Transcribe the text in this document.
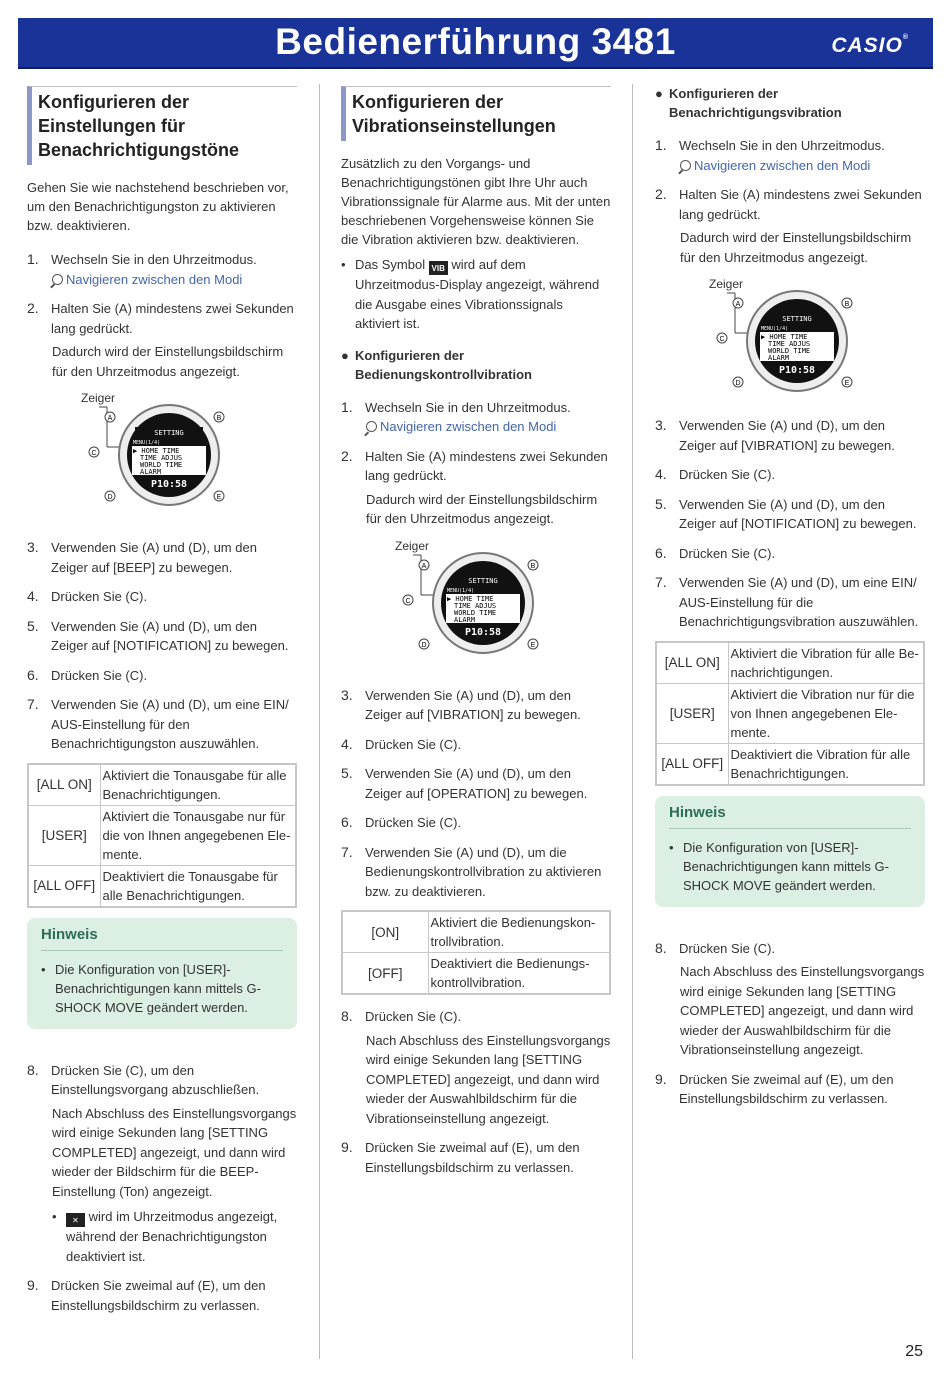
Bedienerführung 3481	CASIO®
Konfigurieren der Einstellungen für Benachrichtigungstöne
Gehen Sie wie nachstehend beschrieben vor, um den Benachrichtigungston zu aktivieren bzw. deaktivieren.
1. Wechseln Sie in den Uhrzeitmodus.
Navigieren zwischen den Modi
2. Halten Sie (A) mindestens zwei Sekunden lang gedrückt.
Dadurch wird der Einstellungsbildschirm für den Uhrzeitmodus angezeigt.
Zeiger
SETTING
MENU(1/4)
▶ HOME TIME
TIME ADJUS
WORLD TIME
ALARM
P10:58
A	B
C
D	E
3. Verwenden Sie (A) und (D), um den Zeiger auf [BEEP] zu bewegen.
4. Drücken Sie (C).
5. Verwenden Sie (A) und (D), um den Zeiger auf [NOTIFICATION] zu bewegen.
6. Drücken Sie (C).
7. Verwenden Sie (A) und (D), um eine EIN/ AUS-Einstellung für den Benachrichtigungston auszuwählen.
[ALL ON]	Aktiviert die Tonausgabe für alle Benachrichtigungen.
[USER]	Aktiviert die Tonausgabe nur für die von Ihnen angegebenen Ele-mente.
[ALL OFF]	Deaktiviert die Tonausgabe für alle Benachrichtigungen.
Hinweis
• Die Konfiguration von [USER]-Benachrichtigungen kann mittels G-SHOCK MOVE geändert werden.
8. Drücken Sie (C), um den Einstellungsvorgang abzuschließen.
Nach Abschluss des Einstellungsvorgangs wird einige Sekunden lang [SETTING COMPLETED] angezeigt, und dann wird wieder der Bildschirm für die BEEP-Einstellung (Ton) angezeigt.
•	✕ wird im Uhrzeitmodus angezeigt, während der Benachrichtigungston deaktiviert ist.
9. Drücken Sie zweimal auf (E), um den Einstellungsbildschirm zu verlassen.
Konfigurieren der Vibrationseinstellungen
Zusätzlich zu den Vorgangs- und Benachrichtigungstönen gibt Ihre Uhr auch Vibrationssignale für Alarme aus. Mit der unten beschriebenen Vorgehensweise können Sie die Vibration aktivieren bzw. deaktivieren.
• Das Symbol VIB wird auf dem Uhrzeitmodus-Display angezeigt, während die Ausgabe eines Vibrationssignals aktiviert ist.
● Konfigurieren der Bedienungskontrollvibration
1. Wechseln Sie in den Uhrzeitmodus.
Navigieren zwischen den Modi
2. Halten Sie (A) mindestens zwei Sekunden lang gedrückt.
Dadurch wird der Einstellungsbildschirm für den Uhrzeitmodus angezeigt.
Zeiger
SETTING
MENU(1/4)
▶ HOME TIME
TIME ADJUS
WORLD TIME
ALARM
P10:58
A	B
C
D	E
3. Verwenden Sie (A) und (D), um den Zeiger auf [VIBRATION] zu bewegen.
4. Drücken Sie (C).
5. Verwenden Sie (A) und (D), um den Zeiger auf [OPERATION] zu bewegen.
6. Drücken Sie (C).
7. Verwenden Sie (A) und (D), um die Bedienungskontrollvibration zu aktivieren bzw. zu deaktivieren.
[ON]	Aktiviert die Bedienungskon-trollvibration.
[OFF]	Deaktiviert die Bedienungs-kontrollvibration.
8. Drücken Sie (C).
Nach Abschluss des Einstellungsvorgangs wird einige Sekunden lang [SETTING COMPLETED] angezeigt, und dann wird wieder der Auswahlbildschirm für die Vibrationseinstellung angezeigt.
9. Drücken Sie zweimal auf (E), um den Einstellungsbildschirm zu verlassen.
● Konfigurieren der Benachrichtigungsvibration
1. Wechseln Sie in den Uhrzeitmodus.
Navigieren zwischen den Modi
2. Halten Sie (A) mindestens zwei Sekunden lang gedrückt.
Dadurch wird der Einstellungsbildschirm für den Uhrzeitmodus angezeigt.
Zeiger
SETTING
MENU(1/4)
▶ HOME TIME
TIME ADJUS
WORLD TIME
ALARM
P10:58
A	B
C
D	E
3. Verwenden Sie (A) und (D), um den Zeiger auf [VIBRATION] zu bewegen.
4. Drücken Sie (C).
5. Verwenden Sie (A) und (D), um den Zeiger auf [NOTIFICATION] zu bewegen.
6. Drücken Sie (C).
7. Verwenden Sie (A) und (D), um eine EIN/ AUS-Einstellung für die Benachrichtigungsvibration auszuwählen.
[ALL ON]	Aktiviert die Vibration für alle Be-nachrichtigungen.
[USER]	Aktiviert die Vibration nur für die von Ihnen angegebenen Ele-mente.
[ALL OFF]	Deaktiviert die Vibration für alle Benachrichtigungen.
Hinweis
• Die Konfiguration von [USER]-Benachrichtigungen kann mittels G-SHOCK MOVE geändert werden.
8. Drücken Sie (C).
Nach Abschluss des Einstellungsvorgangs wird einige Sekunden lang [SETTING COMPLETED] angezeigt, und dann wird wieder der Auswahlbildschirm für die Vibrationseinstellung angezeigt.
9. Drücken Sie zweimal auf (E), um den Einstellungsbildschirm zu verlassen.
25
